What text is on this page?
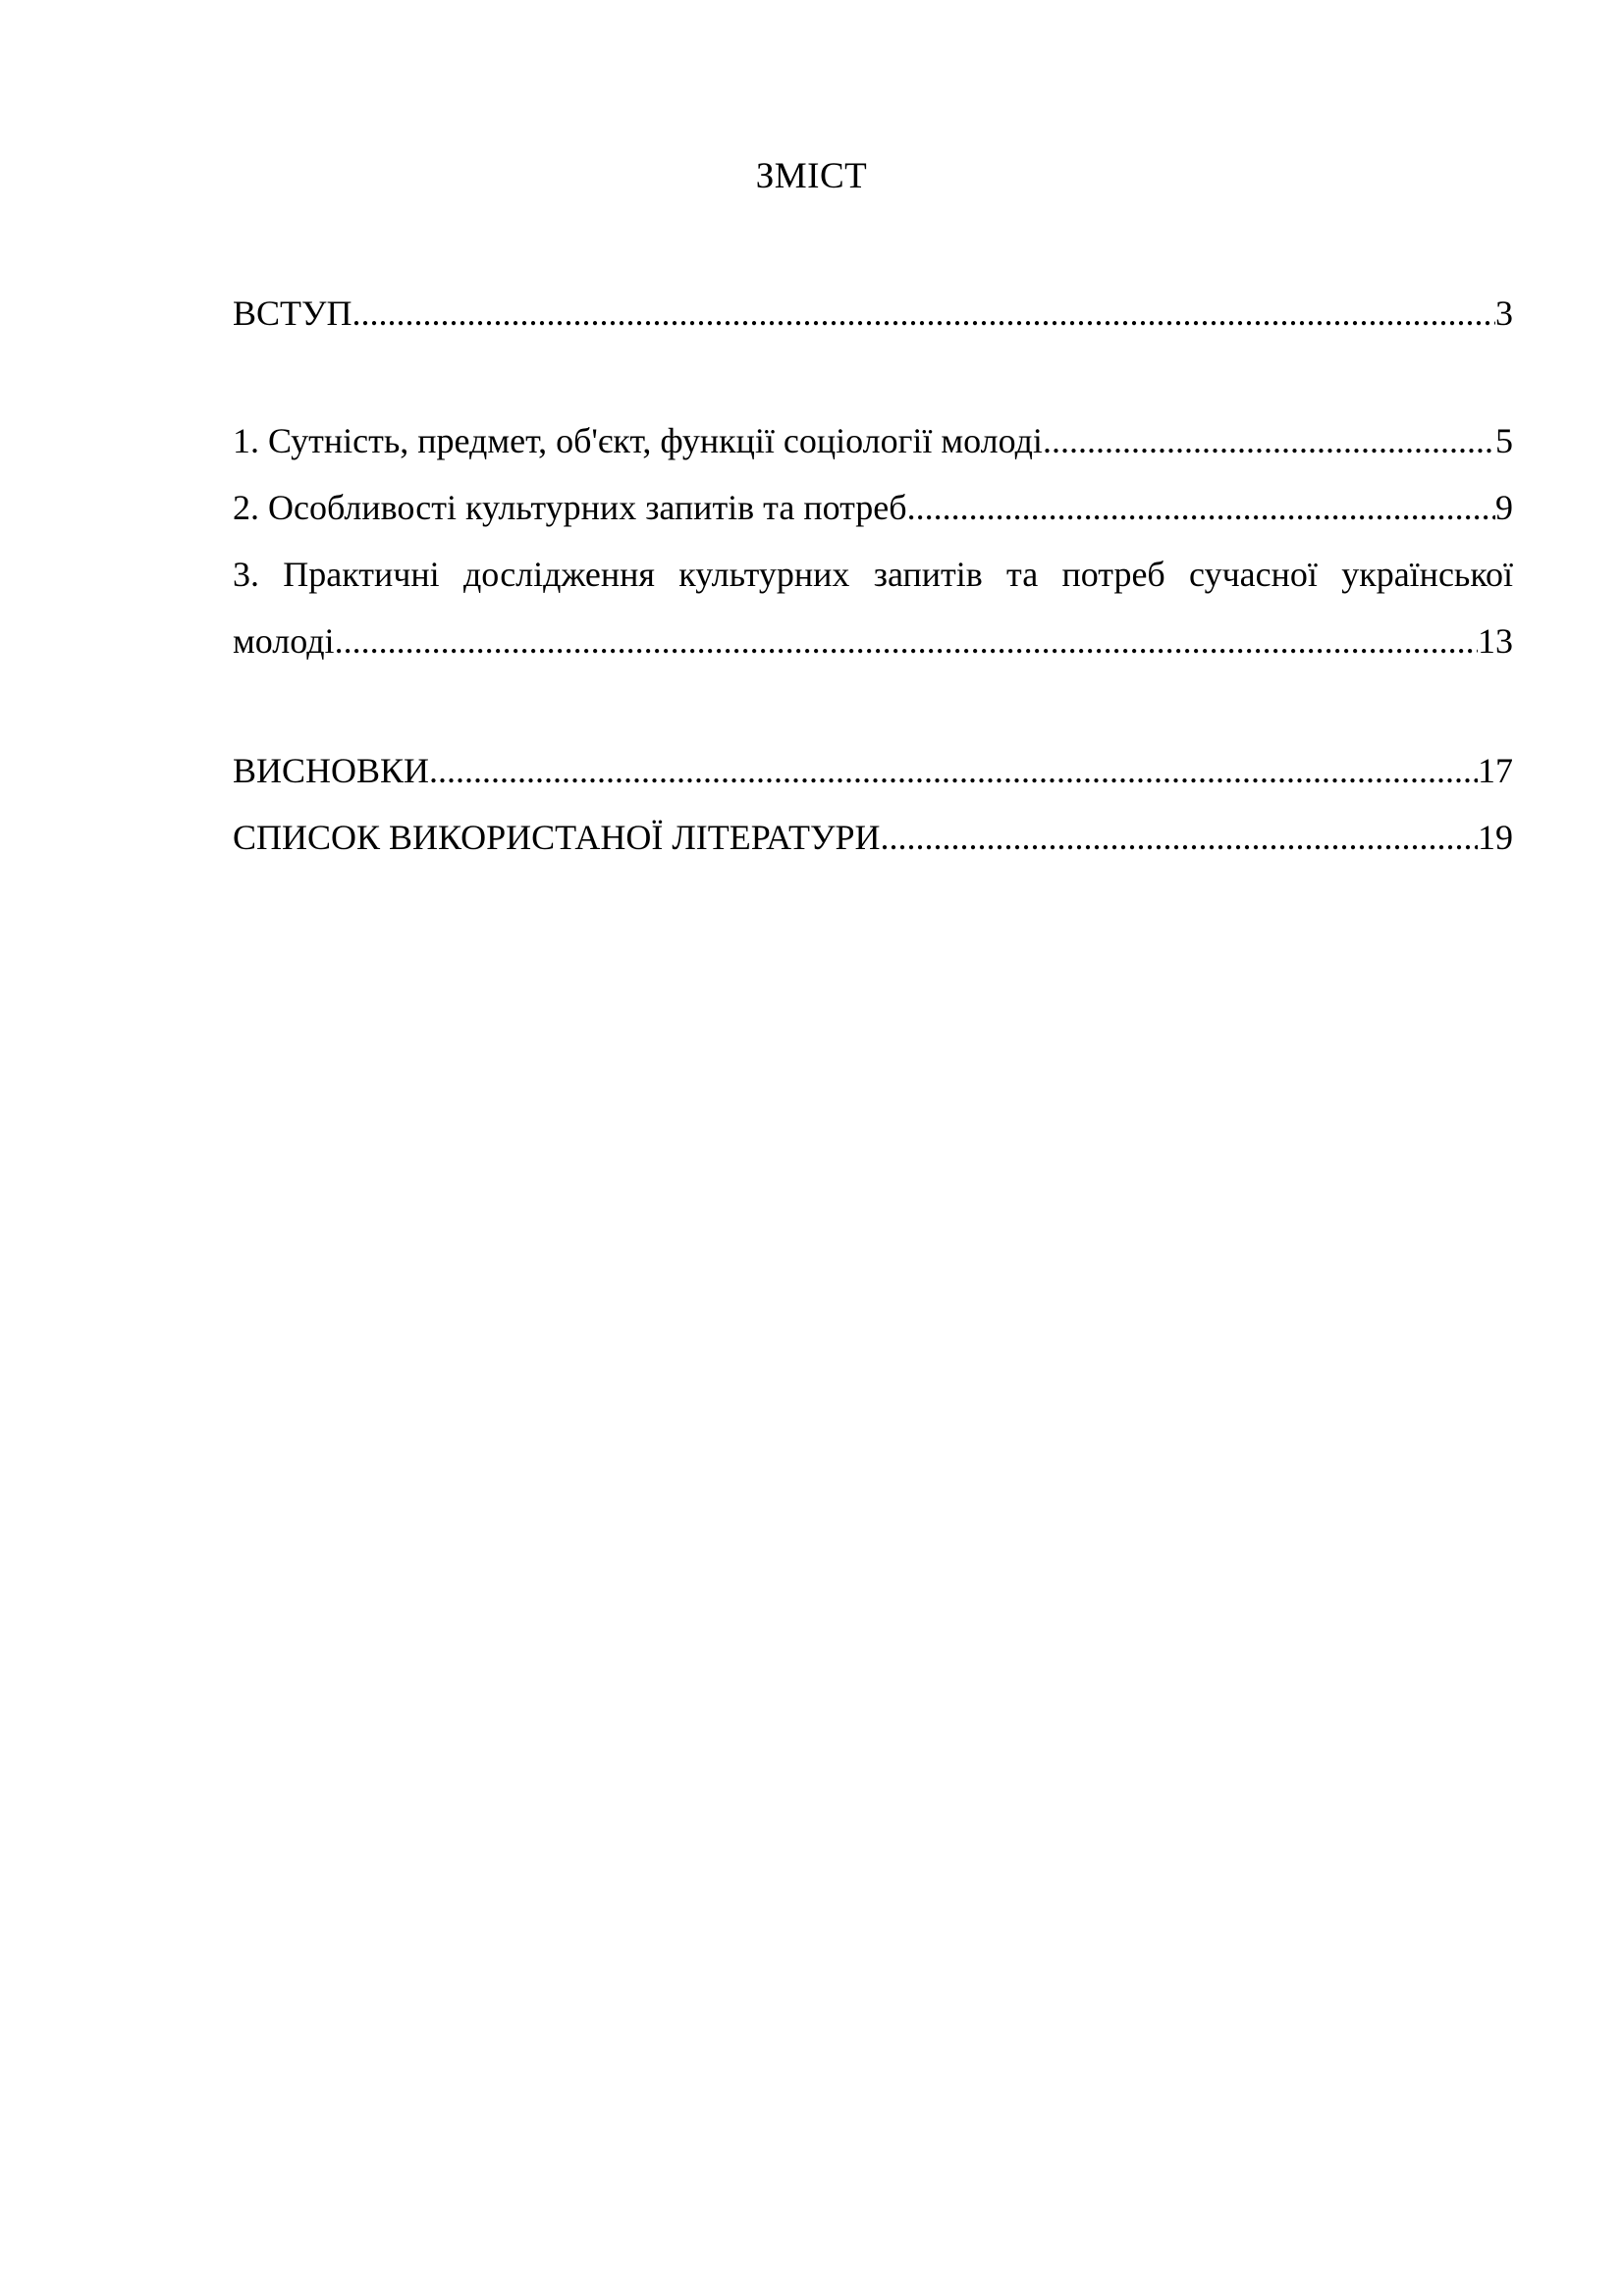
ЗМІСТ
ВСТУП .....	3
1. Сутність, предмет, об'єкт, функції соціології молоді .....	5
2. Особливості культурних запитів та потреб .....	9
3. Практичні дослідження культурних запитів та потреб сучасної української
молоді .....	13
ВИСНОВКИ .....	17
СПИСОК ВИКОРИСТАНОЇ ЛІТЕРАТУРИ .....	19
